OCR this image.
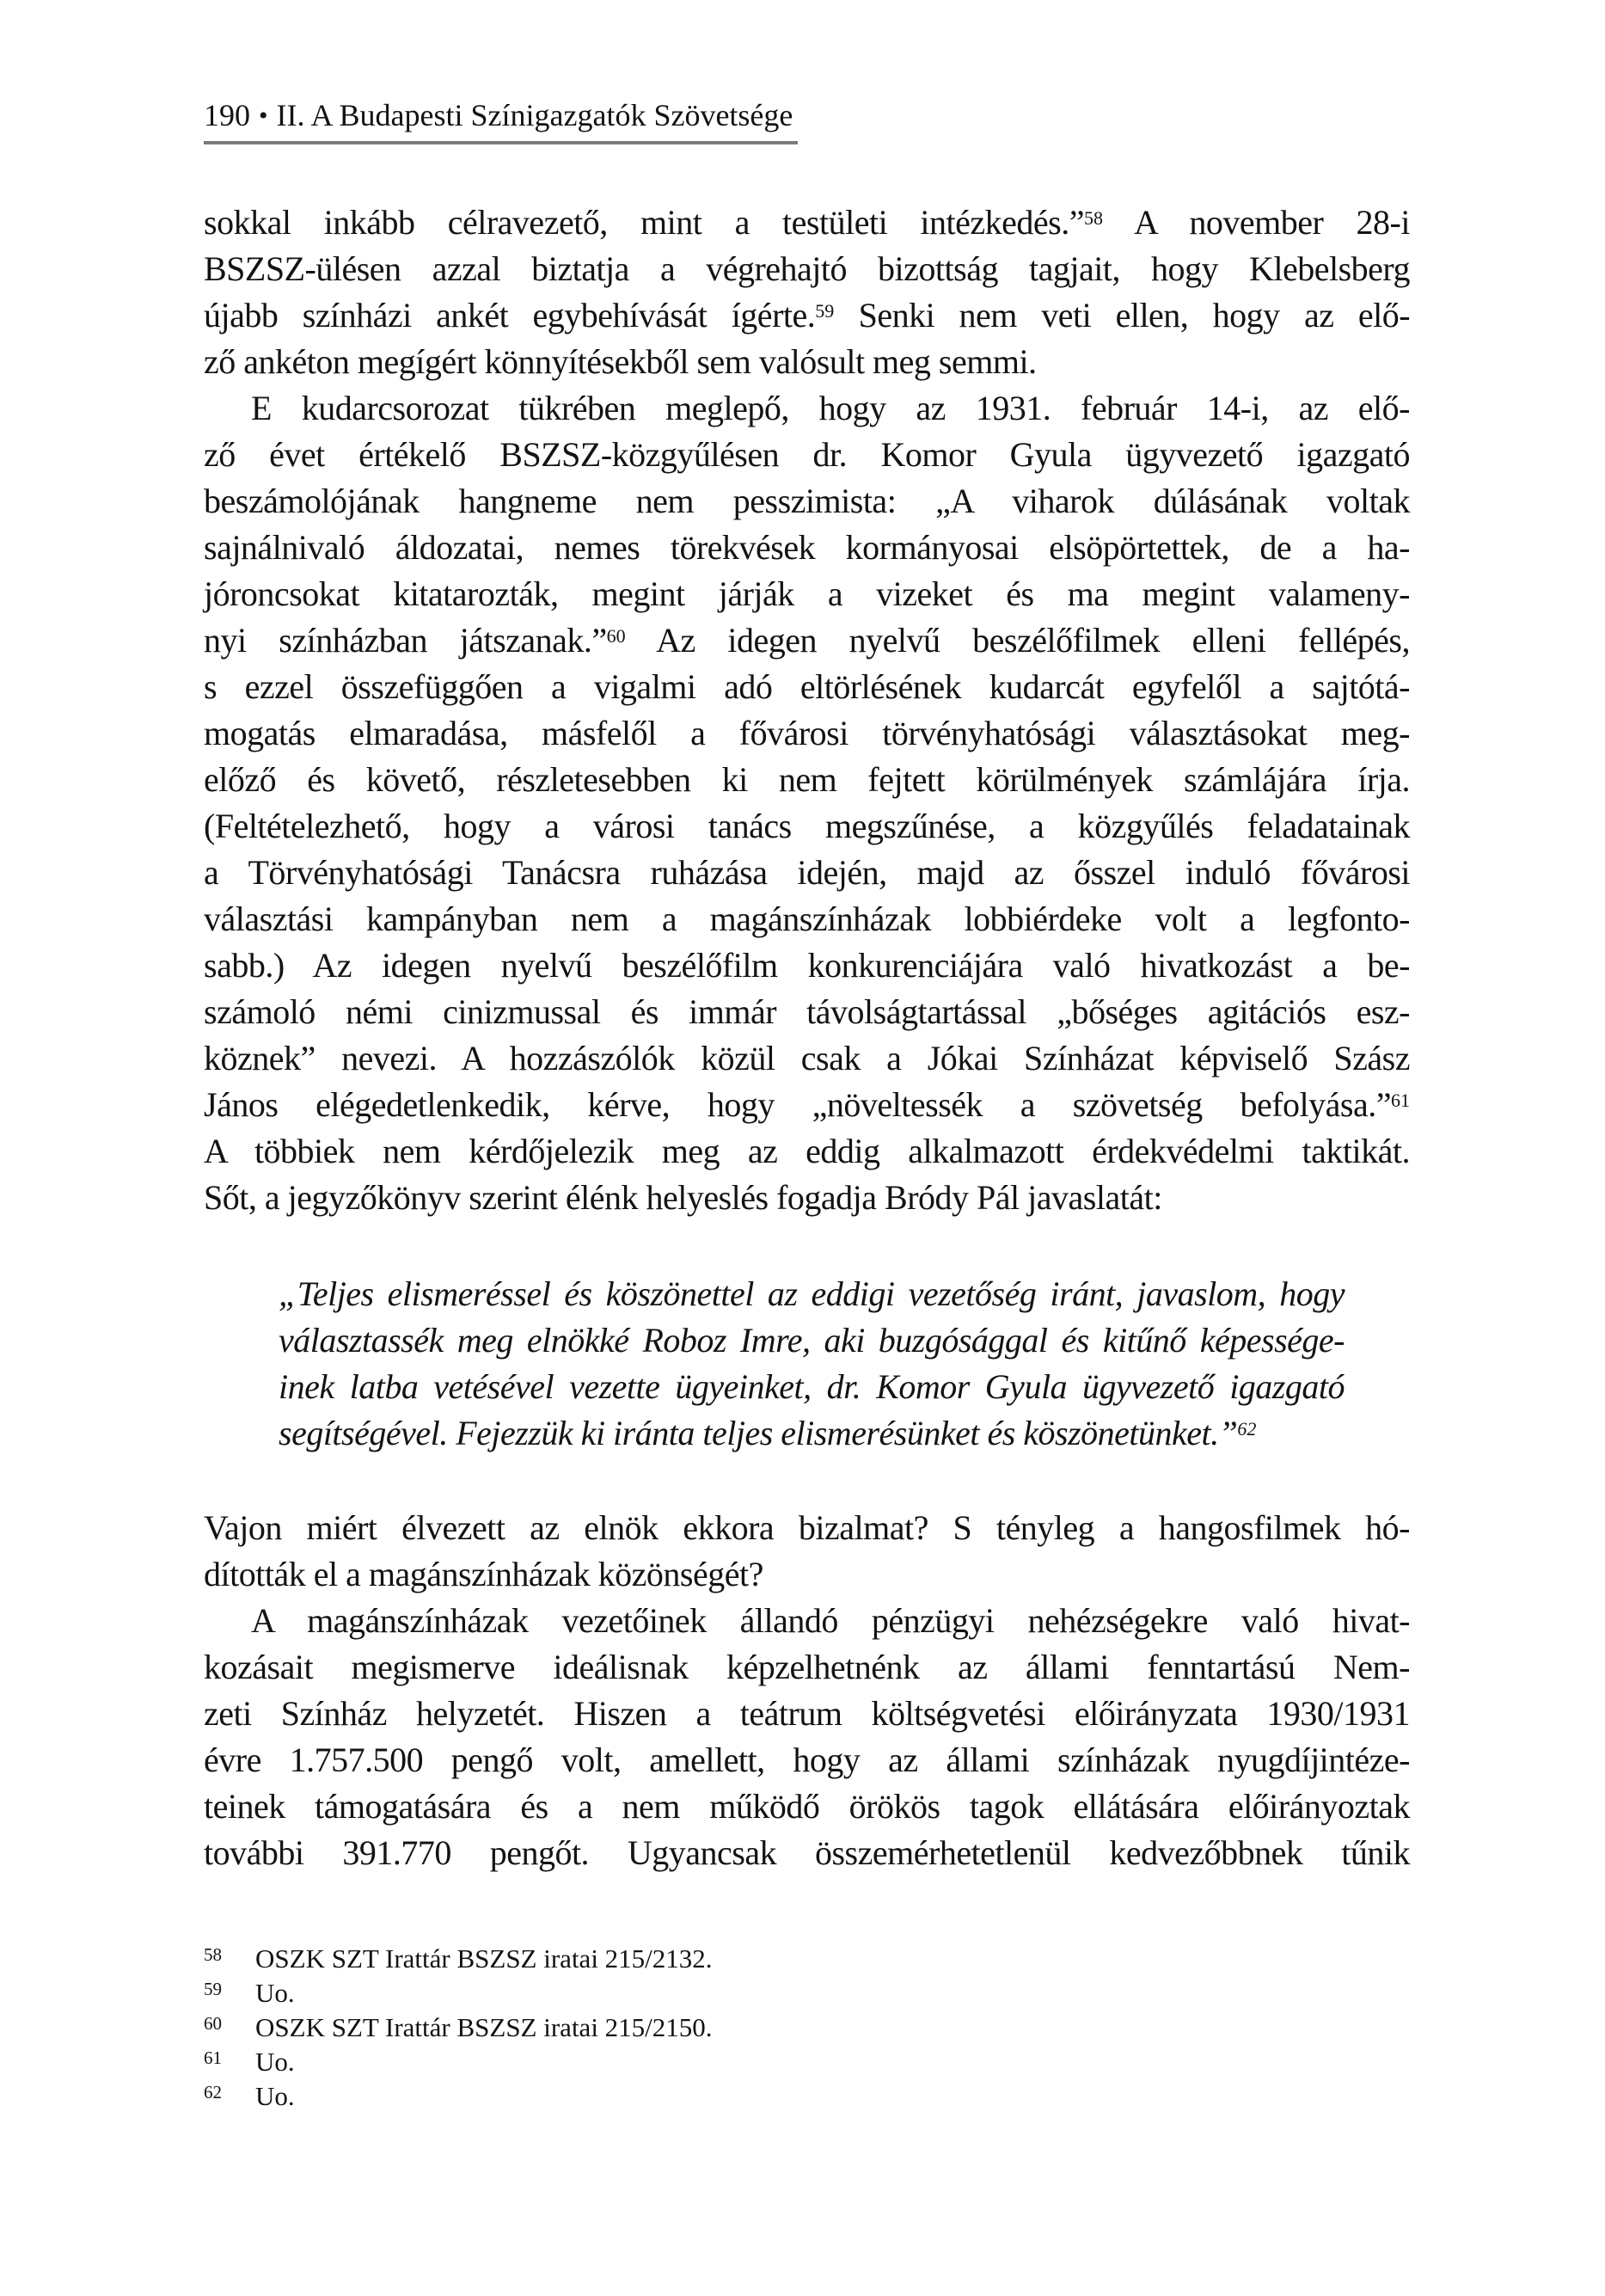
190 • II. A Budapesti Színigazgatók Szövetsége
sokkal inkább célravezető, mint a testületi intézkedés.”$^{58}$ A november 28-i
BSZSZ-ülésen azzal biztatja a végrehajtó bizottság tagjait, hogy Klebelsberg
újabb színházi ankét egybehívását ígérte.$^{59}$ Senki nem veti ellen, hogy az elő-
ző ankéton megígért könnyítésekből sem valósult meg semmi.
E kudarcsorozat tükrében meglepő, hogy az 1931. február 14-i, az elő-
ző évet értékelő BSZSZ-közgyűlésen dr. Komor Gyula ügyvezető igazgató
beszámolójának hangneme nem pesszimista: „A viharok dúlásának voltak
sajnálnivaló áldozatai, nemes törekvések kormányosai elsöpörtettek, de a ha-
jóroncsokat kitatarozták, megint járják a vizeket és ma megint valameny-
nyi színházban játszanak.”$^{60}$ Az idegen nyelvű beszélőfilmek elleni fellépés,
s ezzel összefüggően a vigalmi adó eltörlésének kudarcát egyfelől a sajtótá-
mogatás elmaradása, másfelől a fővárosi törvényhatósági választásokat meg-
előző és követő, részletesebben ki nem fejtett körülmények számlájára írja.
(Feltételezhető, hogy a városi tanács megszűnése, a közgyűlés feladatainak
a Törvényhatósági Tanácsra ruházása idején, majd az ősszel induló fővárosi
választási kampányban nem a magánszínházak lobbiérdeke volt a legfonto-
sabb.) Az idegen nyelvű beszélőfilm konkurenciájára való hivatkozást a be-
számoló némi cinizmussal és immár távolságtartással „bőséges agitációs esz-
köznek” nevezi. A hozzászólók közül csak a Jókai Színházat képviselő Szász
János elégedetlenkedik, kérve, hogy „növeltessék a szövetség befolyása.”$^{61}$
A többiek nem kérdőjelezik meg az eddig alkalmazott érdekvédelmi taktikát.
Sőt, a jegyzőkönyv szerint élénk helyeslés fogadja Bródy Pál javaslatát:
„Teljes elismeréssel és köszönettel az eddigi vezetőség iránt, javaslom, hogy
választassék meg elnökké Roboz Imre, aki buzgósággal és kitűnő képessége-
inek latba vetésével vezette ügyeinket, dr. Komor Gyula ügyvezető igazgató
segítségével. Fejezzük ki iránta teljes elismerésünket és köszönetünket.”$^{62}$
Vajon miért élvezett az elnök ekkora bizalmat? S tényleg a hangosfilmek hó-
dították el a magánszínházak közönségét?
A magánszínházak vezetőinek állandó pénzügyi nehézségekre való hivat-
kozásait megismerve ideálisnak képzelhetnénk az állami fenntartású Nem-
zeti Színház helyzetét. Hiszen a teátrum költségvetési előirányzata 1930/1931
évre 1.757.500 pengő volt, amellett, hogy az állami színházak nyugdíjintéze-
teinek támogatására és a nem működő örökös tagok ellátására előirányoztak
további 391.770 pengőt. Ugyancsak összemérhetetlenül kedvezőbbnek tűnik
58	OSZK SZT Irattár BSZSZ iratai 215/2132.
59	Uo.
60	OSZK SZT Irattár BSZSZ iratai 215/2150.
61	Uo.
62	Uo.
